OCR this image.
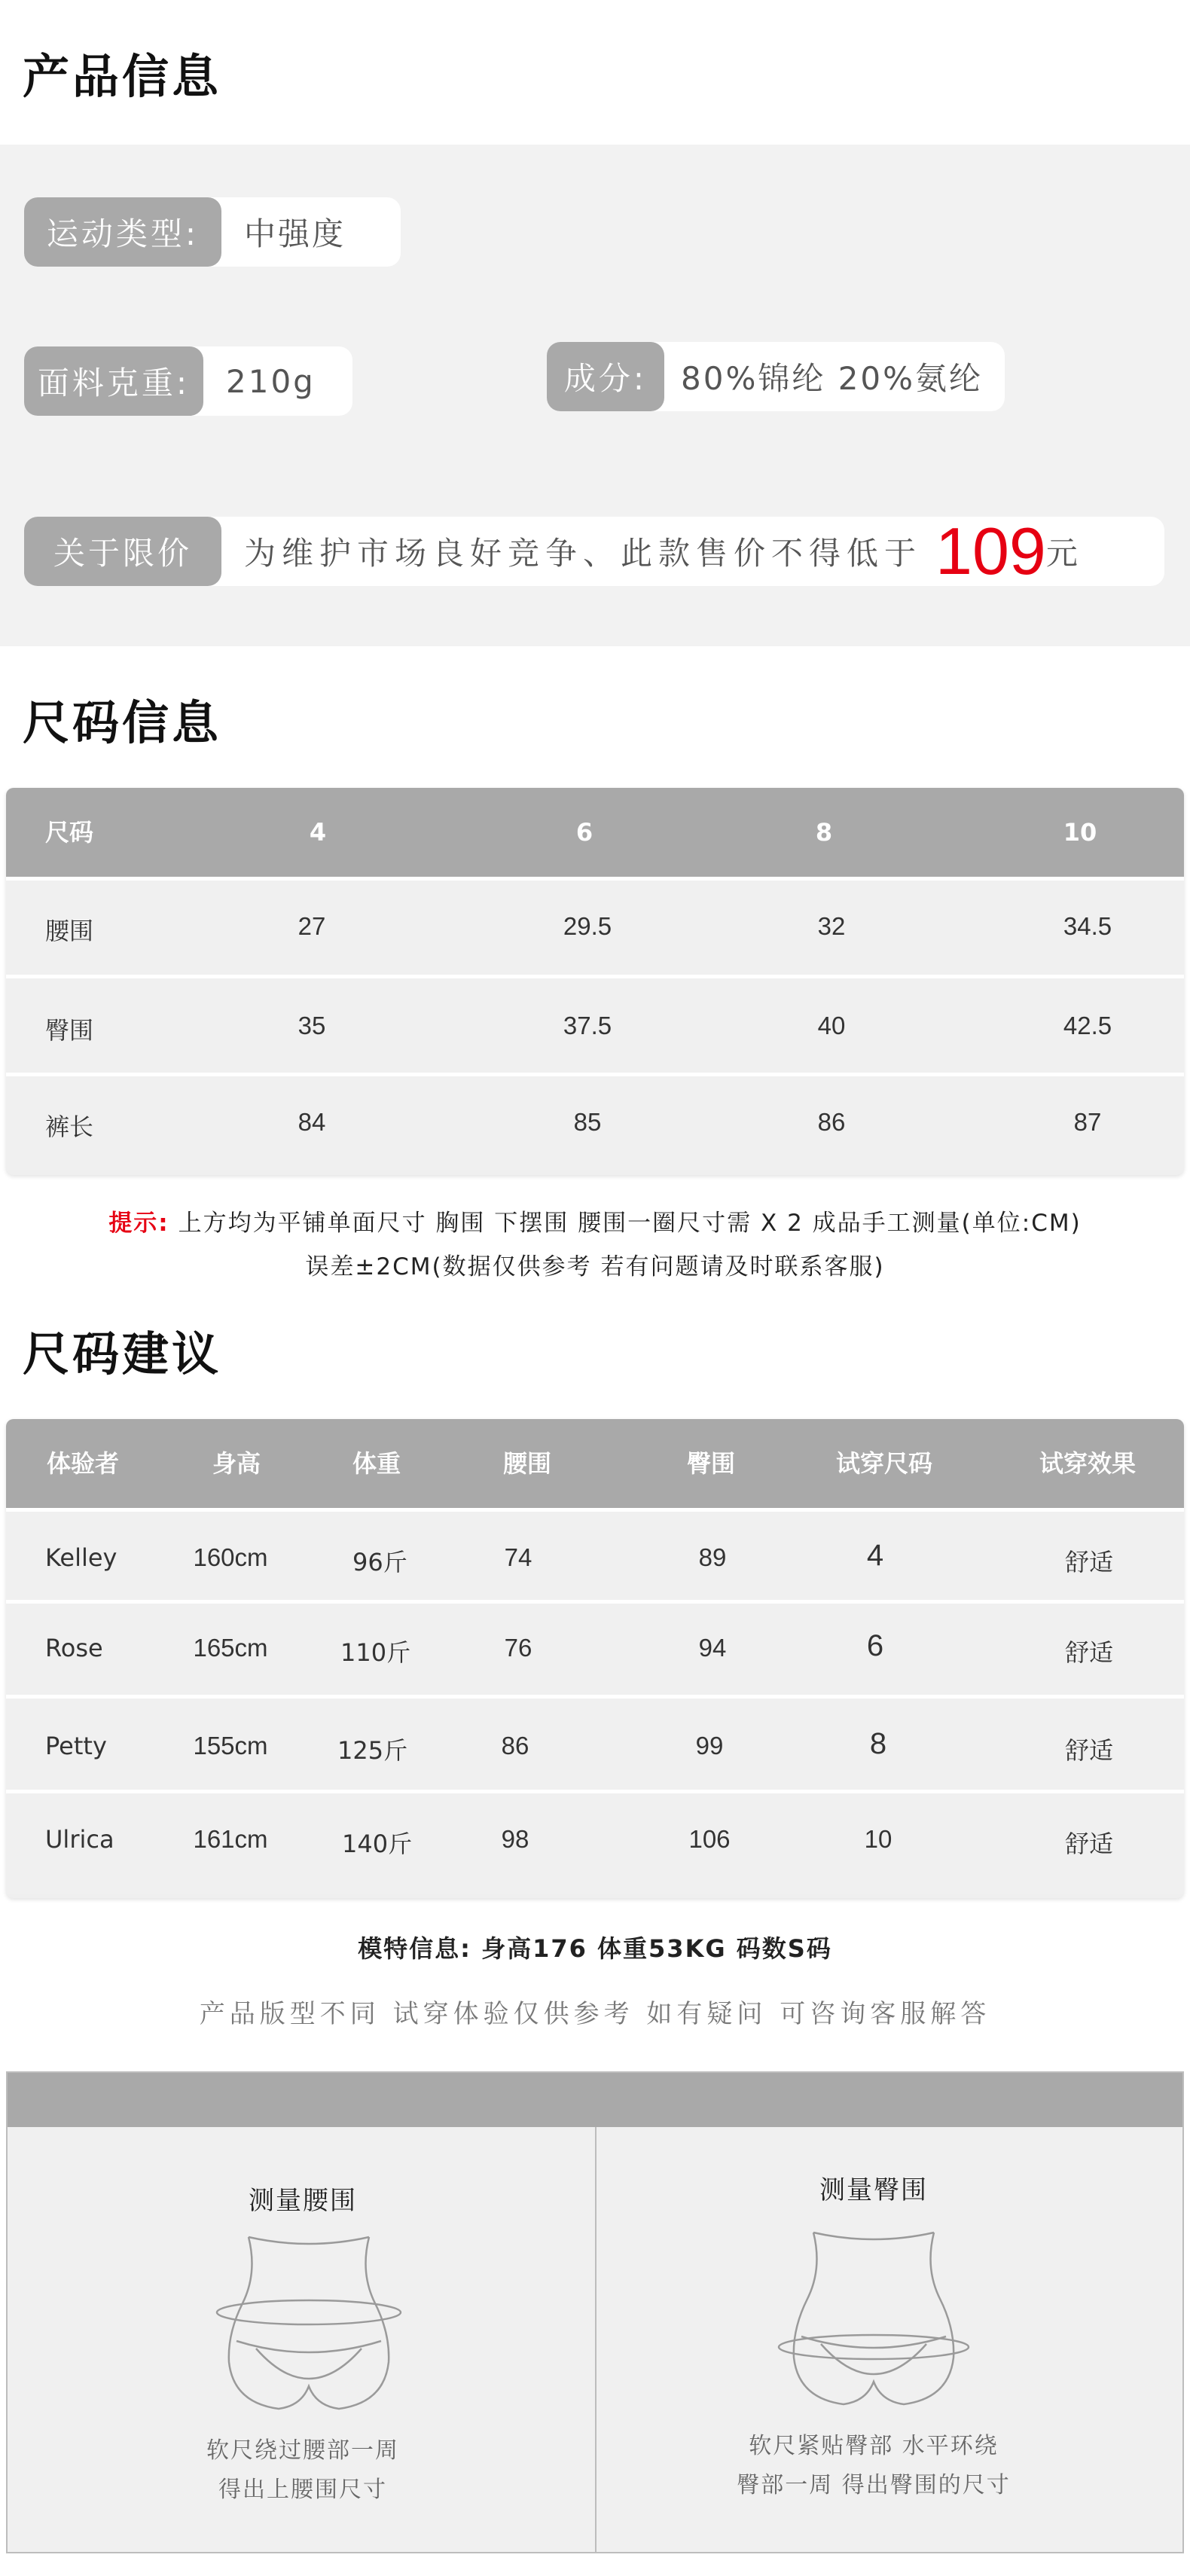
产品信息
运动类型:	中强度
面料克重:	210g	成分:	80%锦纶 20%氨纶
关于限价	为维护市场良好竞争、此款售价不得低于 109 元
尺码信息
尺码	4	6	8	10
腰围	27	29.5	32	34.5
臀围	35	37.5	40	42.5
裤长	84	85	86	87
提示: 上方均为平铺单面尺寸 胸围 下摆围 腰围一圈尺寸需 X 2 成品手工测量(单位:CM)
误差±2CM(数据仅供参考 若有问题请及时联系客服)
尺码建议
体验者	身高	体重	腰围	臀围	试穿尺码	试穿效果
Kelley	160cm	96斤	74	89	4	舒适
Rose	165cm	110斤	76	94	6	舒适
Petty	155cm	125斤	86	99	8	舒适
Ulrica	161cm	140斤	98	106	10	舒适
模特信息: 身高176 体重53KG 码数S码
产品版型不同 试穿体验仅供参考 如有疑问 可咨询客服解答
测量腰围
软尺绕过腰部一周
得出上腰围尺寸
测量臀围
软尺紧贴臀部 水平环绕
臀部一周 得出臀围的尺寸
